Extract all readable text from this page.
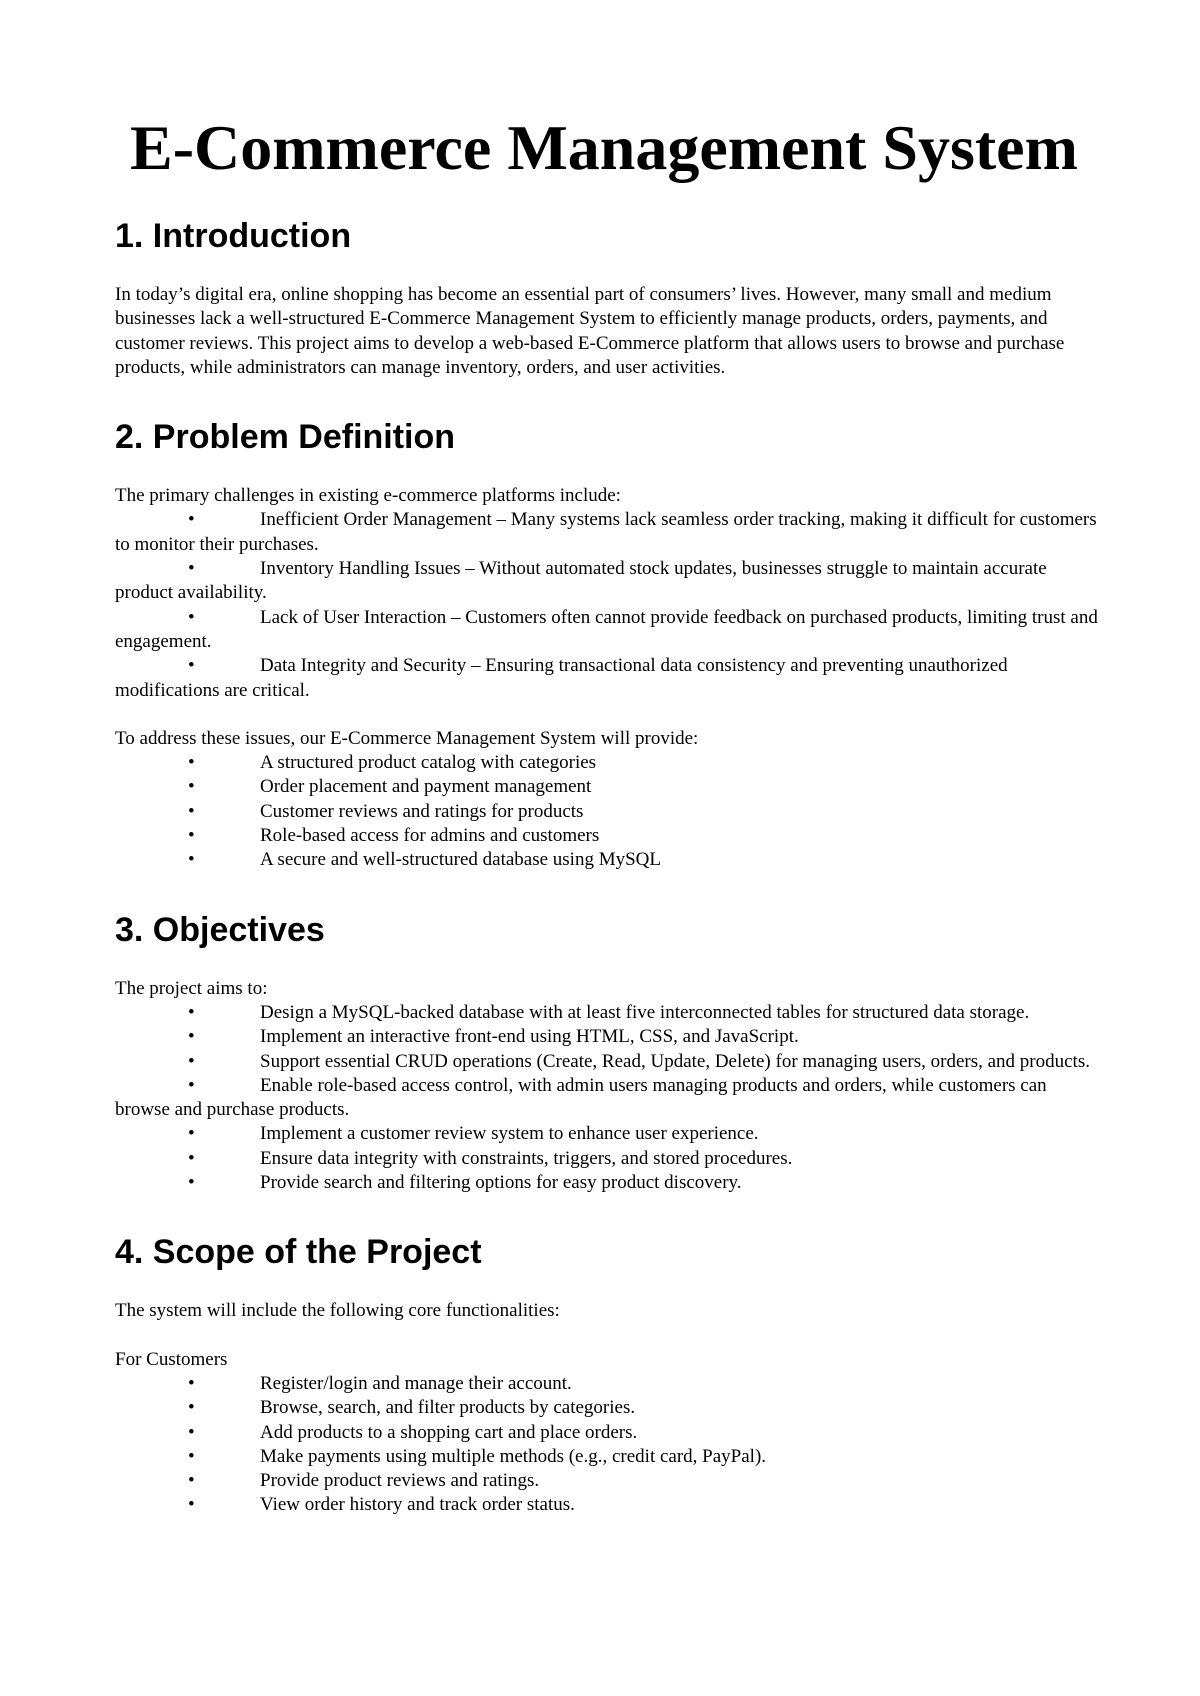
E-Commerce Management System
1. Introduction

In today’s digital era, online shopping has become an essential part of consumers’ lives. However, many small and medium businesses lack a well-structured E-Commerce Management System to efficiently manage products, orders, payments, and customer reviews. This project aims to develop a web-based E-Commerce platform that allows users to browse and purchase products, while administrators can manage inventory, orders, and user activities.

2. Problem Definition

The primary challenges in existing e-commerce platforms include:

•	Inefficient Order Management – Many systems lack seamless order tracking, making it difficult for customers to monitor their purchases.
•	Inventory Handling Issues – Without automated stock updates, businesses struggle to maintain accurate product availability.
•	Lack of User Interaction – Customers often cannot provide feedback on purchased products, limiting trust and engagement.
•	Data Integrity and Security – Ensuring transactional data consistency and preventing unauthorized modifications are critical.

To address these issues, our E-Commerce Management System will provide:

•	A structured product catalog with categories
•	Order placement and payment management
•	Customer reviews and ratings for products
•	Role-based access for admins and customers
•	A secure and well-structured database using MySQL
3. Objectives

The project aims to:

•	Design a MySQL-backed database with at least five interconnected tables for structured data storage.
•	Implement an interactive front-end using HTML, CSS, and JavaScript.
•	Support essential CRUD operations (Create, Read, Update, Delete) for managing users, orders, and products.
•	Enable role-based access control, with admin users managing products and orders, while customers can browse and purchase products.
•	Implement a customer review system to enhance user experience.
•	Ensure data integrity with constraints, triggers, and stored procedures.
•	Provide search and filtering options for easy product discovery.
4. Scope of the Project

The system will include the following core functionalities:

For Customers

•	Register/login and manage their account.
•	Browse, search, and filter products by categories.
•	Add products to a shopping cart and place orders.
•	Make payments using multiple methods (e.g., credit card, PayPal).
•	Provide product reviews and ratings.
•	View order history and track order status.
